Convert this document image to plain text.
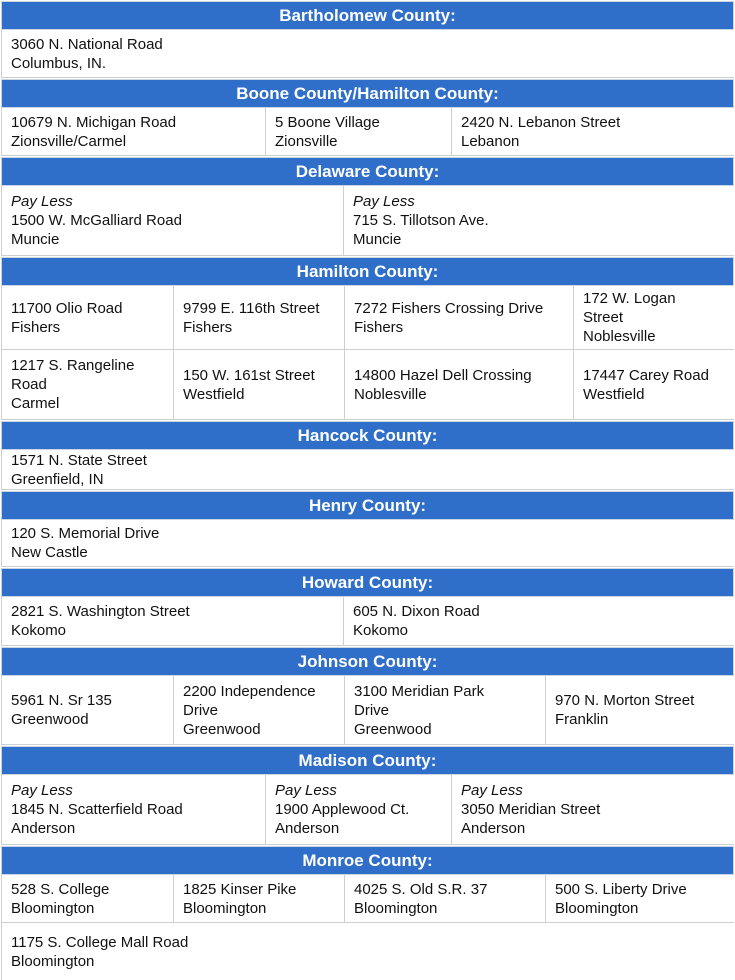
Bartholomew County:
3060 N. National Road
Columbus, IN.
Boone County/Hamilton County:
10679 N. Michigan Road
Zionsville/Carmel
5 Boone Village
Zionsville
2420 N. Lebanon Street
Lebanon
Delaware County:
Pay Less
1500 W. McGalliard Road
Muncie
Pay Less
715 S. Tillotson Ave.
Muncie
Hamilton County:
11700 Olio Road
Fishers
9799 E. 116th Street
Fishers
7272 Fishers Crossing Drive
Fishers
172 W. Logan
Street
Noblesville
1217 S. Rangeline
Road
Carmel
150 W. 161st Street
Westfield
14800 Hazel Dell Crossing
Noblesville
17447 Carey Road
Westfield
Hancock County:
1571 N. State Street
Greenfield, IN
Henry County:
120 S. Memorial Drive
New Castle
Howard County:
2821 S. Washington Street
Kokomo
605 N. Dixon Road
Kokomo
Johnson County:
5961 N. Sr 135
Greenwood
2200 Independence
Drive
Greenwood
3100 Meridian Park
Drive
Greenwood
970 N. Morton Street
Franklin
Madison County:
Pay Less
1845 N. Scatterfield Road
Anderson
Pay Less
1900 Applewood Ct.
Anderson
Pay Less
3050 Meridian Street
Anderson
Monroe County:
528 S. College
Bloomington
1825 Kinser Pike
Bloomington
4025 S. Old S.R. 37
Bloomington
500 S. Liberty Drive
Bloomington
1175 S. College Mall Road
Bloomington
